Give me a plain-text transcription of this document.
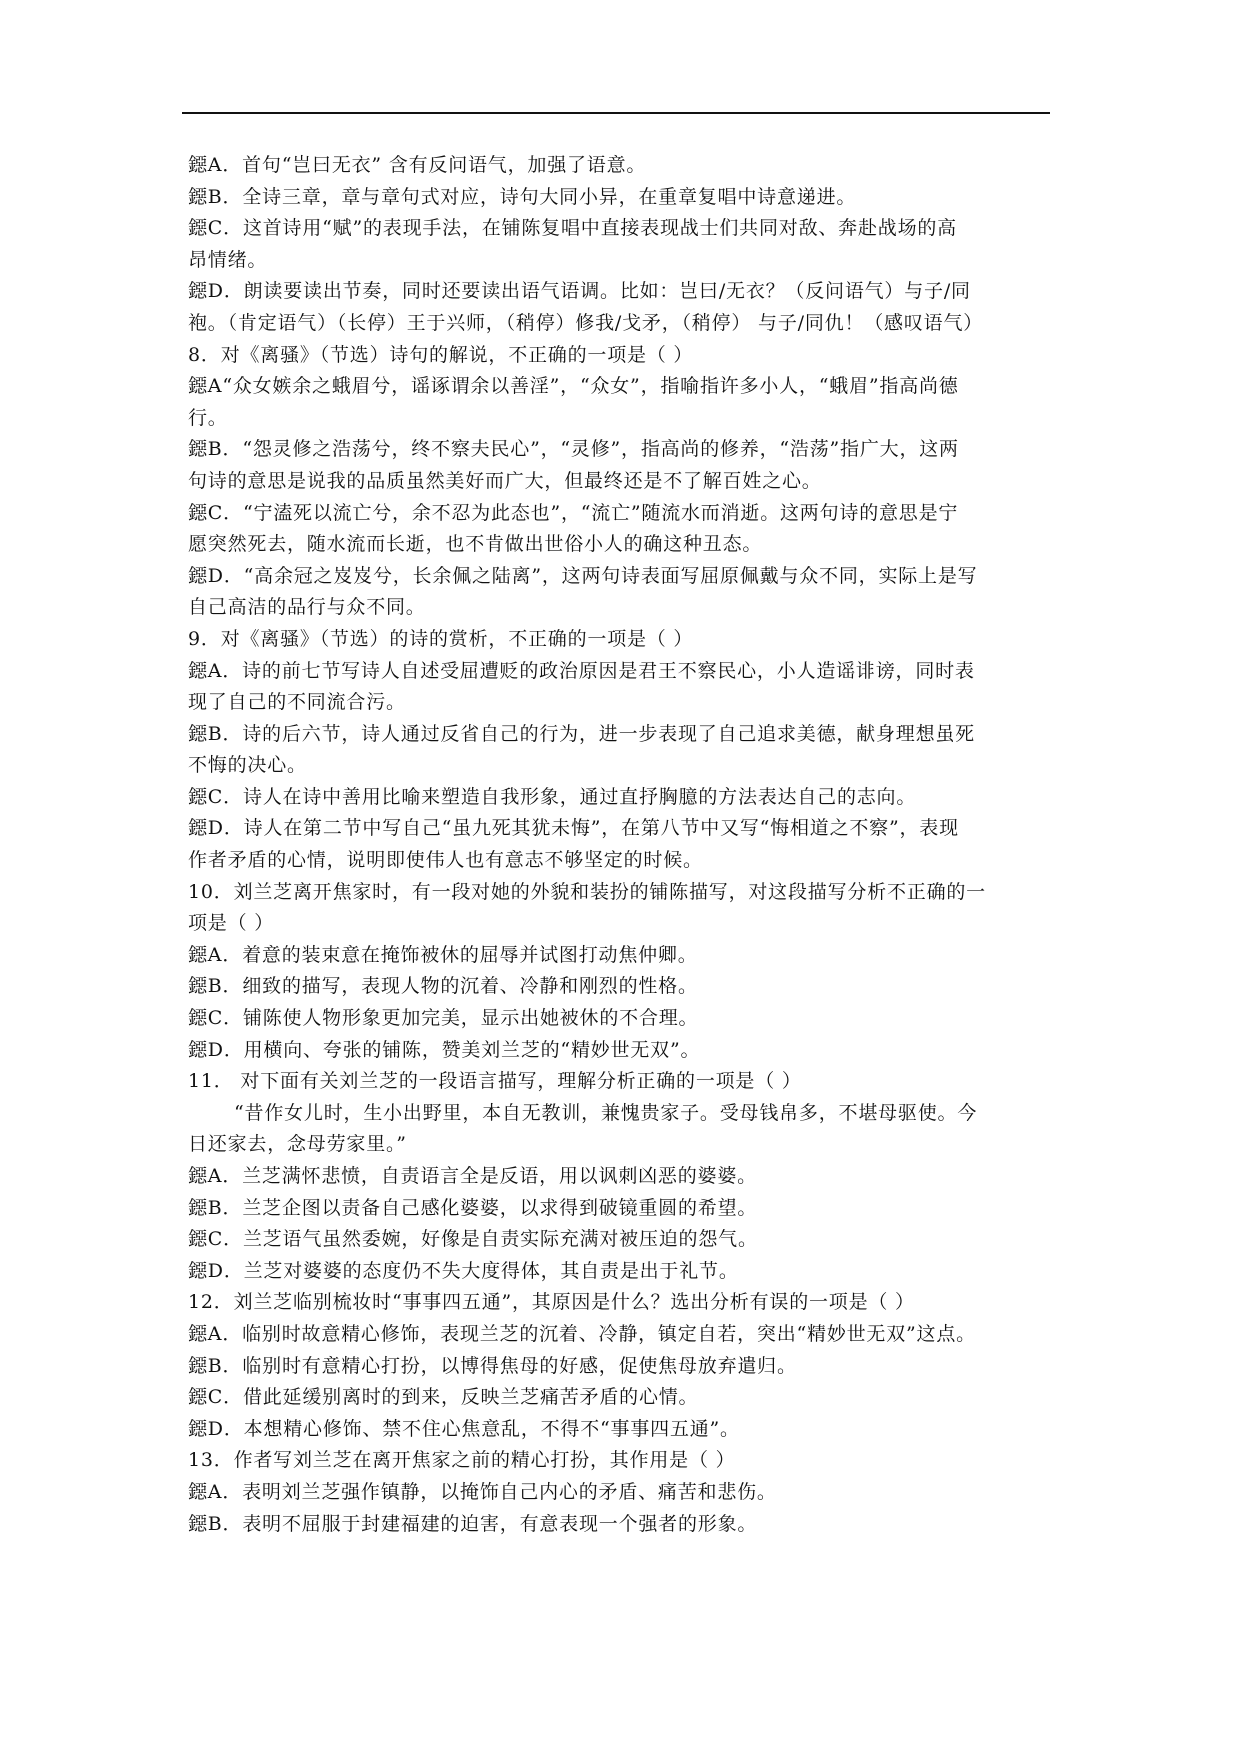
鐚A．首句“岂曰无衣” 含有反问语气，加强了语意。
鐚B．全诗三章，章与章句式对应，诗句大同小异，在重章复唱中诗意递进。
鐚C．这首诗用“赋”的表现手法，在铺陈复唱中直接表现战士们共同对敌、奔赴战场的高
昂情绪。
鐚D．朗读要读出节奏，同时还要读出语气语调。比如：岂曰/无衣？（反问语气）与子/同
袍。（肯定语气）（长停）王于兴师，（稍停）修我/戈矛，（稍停） 与子/同仇！（感叹语气）
8．对《离骚》（节选）诗句的解说，不正确的一项是（ ）
鐚A“众女嫉余之蛾眉兮，谣诼谓余以善淫”，“众女”，指喻指许多小人，“蛾眉”指高尚德
行。
鐚B．“怨灵修之浩荡兮，终不察夫民心”，“灵修”，指高尚的修养，“浩荡”指广大，这两
句诗的意思是说我的品质虽然美好而广大，但最终还是不了解百姓之心。
鐚C．“宁溘死以流亡兮，余不忍为此态也”，“流亡”随流水而消逝。这两句诗的意思是宁
愿突然死去，随水流而长逝，也不肯做出世俗小人的确这种丑态。
鐚D．“高余冠之岌岌兮，长余佩之陆离”，这两句诗表面写屈原佩戴与众不同，实际上是写
自己高洁的品行与众不同。
9．对《离骚》（节选）的诗的赏析，不正确的一项是（ ）
鐚A．诗的前七节写诗人自述受屈遭贬的政治原因是君王不察民心，小人造谣诽谤，同时表
现了自己的不同流合污。
鐚B．诗的后六节，诗人通过反省自己的行为，进一步表现了自己追求美德，献身理想虽死
不悔的决心。
鐚C．诗人在诗中善用比喻来塑造自我形象，通过直抒胸臆的方法表达自己的志向。
鐚D．诗人在第二节中写自己“虽九死其犹未悔”，在第八节中又写“悔相道之不察”，表现
作者矛盾的心情，说明即使伟人也有意志不够坚定的时候。
10．刘兰芝离开焦家时，有一段对她的外貌和装扮的铺陈描写，对这段描写分析不正确的一
项是（ ）
鐚A．着意的装束意在掩饰被休的屈辱并试图打动焦仲卿。
鐚B．细致的描写，表现人物的沉着、冷静和刚烈的性格。
鐚C．铺陈使人物形象更加完美，显示出她被休的不合理。
鐚D．用横向、夸张的铺陈，赞美刘兰芝的“精妙世无双”。
11． 对下面有关刘兰芝的一段语言描写，理解分析正确的一项是（ ）
“昔作女儿时，生小出野里，本自无教训，兼愧贵家子。受母钱帛多，不堪母驱使。今
日还家去，念母劳家里。”
鐚A．兰芝满怀悲愤，自责语言全是反语，用以讽刺凶恶的婆婆。
鐚B．兰芝企图以责备自己感化婆婆，以求得到破镜重圆的希望。
鐚C．兰芝语气虽然委婉，好像是自责实际充满对被压迫的怨气。
鐚D．兰芝对婆婆的态度仍不失大度得体，其自责是出于礼节。
12．刘兰芝临别梳妆时“事事四五通”，其原因是什么？选出分析有误的一项是（ ）
鐚A．临别时故意精心修饰，表现兰芝的沉着、冷静，镇定自若，突出“精妙世无双”这点。
鐚B．临别时有意精心打扮，以博得焦母的好感，促使焦母放弃遣归。
鐚C．借此延缓别离时的到来，反映兰芝痛苦矛盾的心情。
鐚D．本想精心修饰、禁不住心焦意乱，不得不“事事四五通”。
13．作者写刘兰芝在离开焦家之前的精心打扮，其作用是（ ）
鐚A．表明刘兰芝强作镇静，以掩饰自己内心的矛盾、痛苦和悲伤。
鐚B．表明不屈服于封建福建的迫害，有意表现一个强者的形象。
